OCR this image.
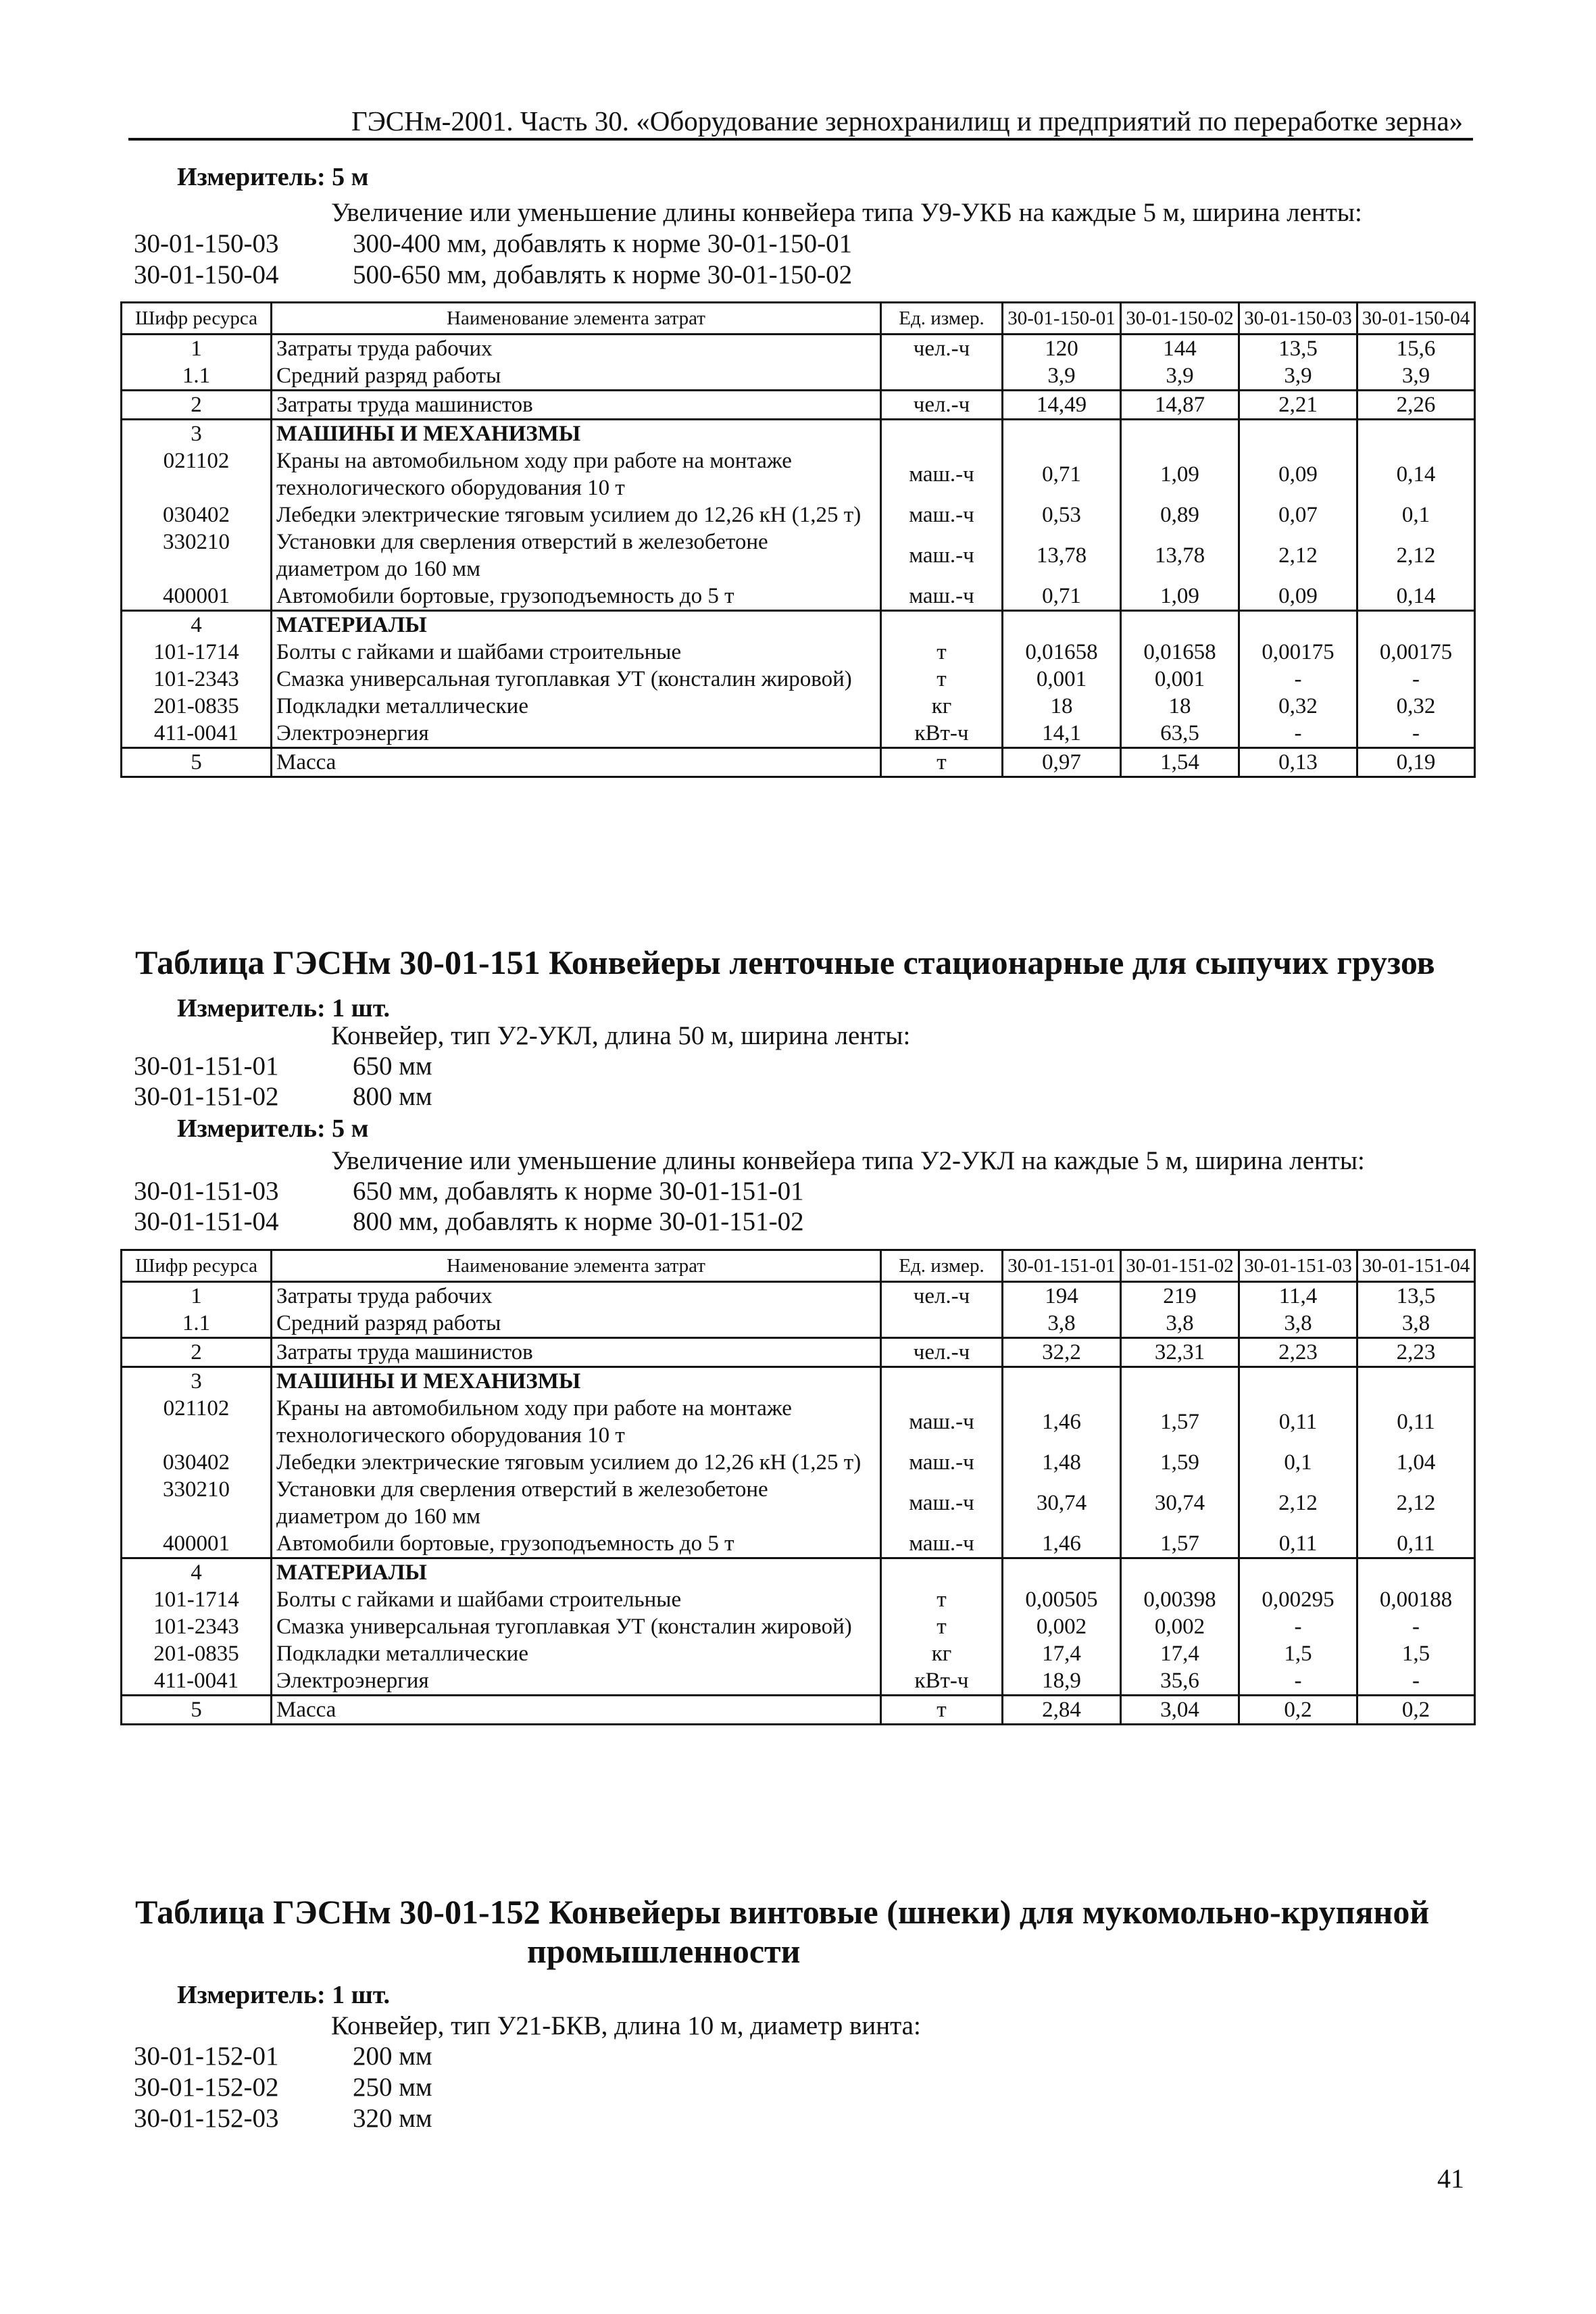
ГЭСНм-2001. Часть 30. «Оборудование зернохранилищ и предприятий по переработке зерна»
Измеритель: 5 м
Увеличение или уменьшение длины конвейера типа У9-УКБ на каждые 5 м, ширина ленты:
30-01-150-03	300-400 мм, добавлять к норме 30-01-150-01
30-01-150-04	500-650 мм, добавлять к норме 30-01-150-02
Шифр ресурса	Наименование элемента затрат	Ед. измер.	30-01-150-01	30-01-150-02	30-01-150-03	30-01-150-04
1	Затраты труда рабочих	чел.-ч	120	144	13,5	15,6
1.1	Средний разряд работы		3,9	3,9	3,9	3,9
2	Затраты труда машинистов	чел.-ч	14,49	14,87	2,21	2,26
3	МАШИНЫ И МЕХАНИЗМЫ					
021102	Краны на автомобильном ходу при работе на монтаже технологического оборудования 10 т	маш.-ч	0,71	1,09	0,09	0,14
030402	Лебедки электрические тяговым усилием до 12,26 кН (1,25 т)	маш.-ч	0,53	0,89	0,07	0,1
330210	Установки для сверления отверстий в железобетоне диаметром до 160 мм	маш.-ч	13,78	13,78	2,12	2,12
400001	Автомобили бортовые, грузоподъемность до 5 т	маш.-ч	0,71	1,09	0,09	0,14
4	МАТЕРИАЛЫ					
101-1714	Болты с гайками и шайбами строительные	т	0,01658	0,01658	0,00175	0,00175
101-2343	Смазка универсальная тугоплавкая УТ (консталин жировой)	т	0,001	0,001	-	-
201-0835	Подкладки металлические	кг	18	18	0,32	0,32
411-0041	Электроэнергия	кВт-ч	14,1	63,5	-	-
5	Масса	т	0,97	1,54	0,13	0,19
Таблица ГЭСНм 30-01-151 Конвейеры ленточные стационарные для сыпучих грузов
Измеритель: 1 шт.
Конвейер, тип У2-УКЛ, длина 50 м, ширина ленты:
30-01-151-01	650 мм
30-01-151-02	800 мм
Измеритель: 5 м
Увеличение или уменьшение длины конвейера типа У2-УКЛ на каждые 5 м, ширина ленты:
30-01-151-03	650 мм, добавлять к норме 30-01-151-01
30-01-151-04	800 мм, добавлять к норме 30-01-151-02
Шифр ресурса	Наименование элемента затрат	Ед. измер.	30-01-151-01	30-01-151-02	30-01-151-03	30-01-151-04
1	Затраты труда рабочих	чел.-ч	194	219	11,4	13,5
1.1	Средний разряд работы		3,8	3,8	3,8	3,8
2	Затраты труда машинистов	чел.-ч	32,2	32,31	2,23	2,23
3	МАШИНЫ И МЕХАНИЗМЫ					
021102	Краны на автомобильном ходу при работе на монтаже технологического оборудования 10 т	маш.-ч	1,46	1,57	0,11	0,11
030402	Лебедки электрические тяговым усилием до 12,26 кН (1,25 т)	маш.-ч	1,48	1,59	0,1	1,04
330210	Установки для сверления отверстий в железобетоне диаметром до 160 мм	маш.-ч	30,74	30,74	2,12	2,12
400001	Автомобили бортовые, грузоподъемность до 5 т	маш.-ч	1,46	1,57	0,11	0,11
4	МАТЕРИАЛЫ					
101-1714	Болты с гайками и шайбами строительные	т	0,00505	0,00398	0,00295	0,00188
101-2343	Смазка универсальная тугоплавкая УТ (консталин жировой)	т	0,002	0,002	-	-
201-0835	Подкладки металлические	кг	17,4	17,4	1,5	1,5
411-0041	Электроэнергия	кВт-ч	18,9	35,6	-	-
5	Масса	т	2,84	3,04	0,2	0,2
Таблица ГЭСНм 30-01-152 Конвейеры винтовые (шнеки) для мукомольно-крупяной
промышленности
Измеритель: 1 шт.
Конвейер, тип У21-БКВ, длина 10 м, диаметр винта:
30-01-152-01	200 мм
30-01-152-02	250 мм
30-01-152-03	320 мм
41
